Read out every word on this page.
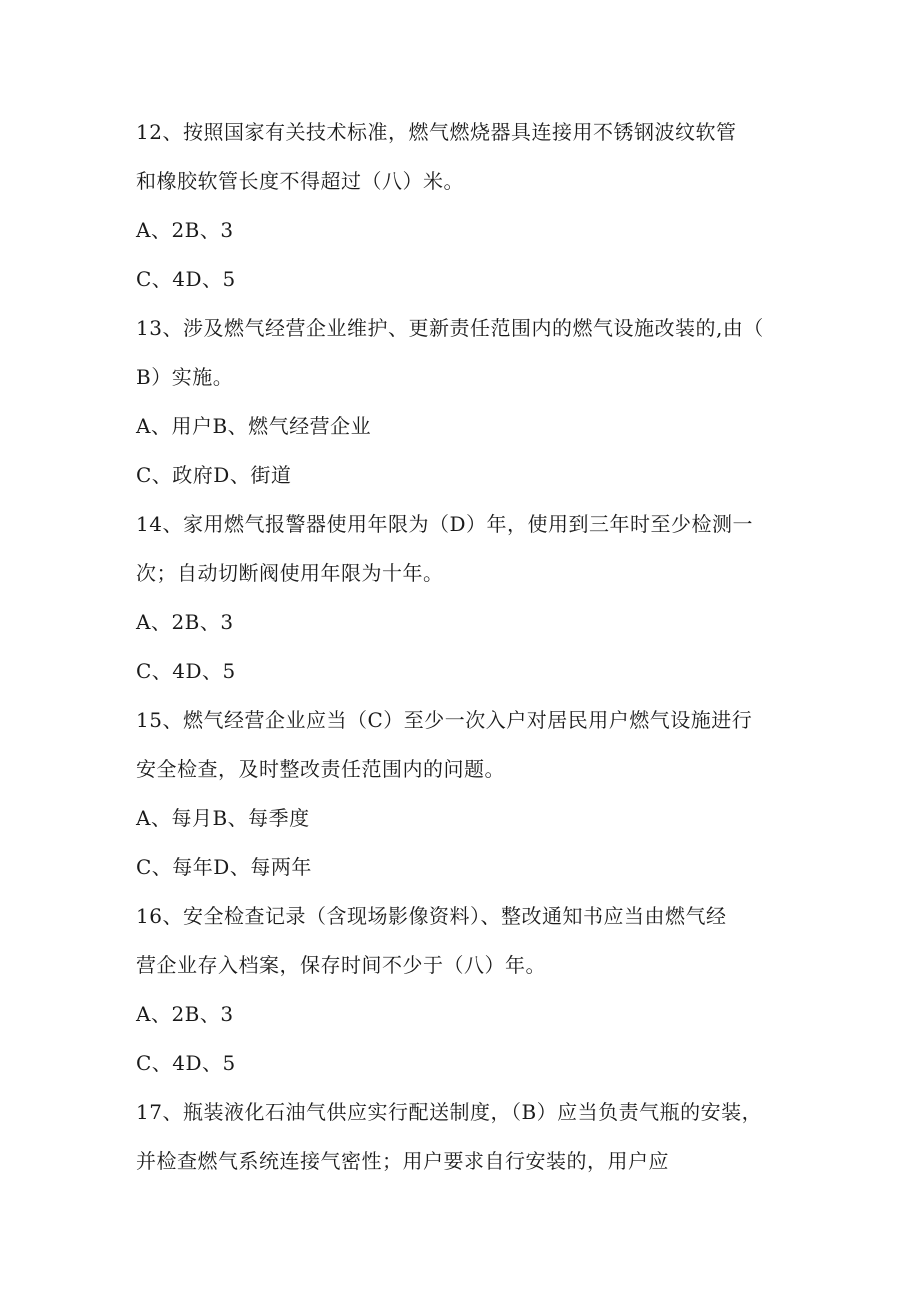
12、按照国家有关技术标准，燃气燃烧器具连接用不锈钢波纹软管
和橡胶软管长度不得超过（八）米。
A、2B、3
C、4D、5
13、涉及燃气经营企业维护、更新责任范围内的燃气设施改装的,由（
B）实施。
A、用户B、燃气经营企业
C、政府D、街道
14、家用燃气报警器使用年限为（D）年，使用到三年时至少检测一
次；自动切断阀使用年限为十年。
A、2B、3
C、4D、5
15、燃气经营企业应当（C）至少一次入户对居民用户燃气设施进行
安全检查，及时整改责任范围内的问题。
A、每月B、每季度
C、每年D、每两年
16、安全检查记录（含现场影像资料）、整改通知书应当由燃气经
营企业存入档案，保存时间不少于（八）年。
A、2B、3
C、4D、5
17、瓶装液化石油气供应实行配送制度，（B）应当负责气瓶的安装，
并检查燃气系统连接气密性；用户要求自行安装的，用户应
